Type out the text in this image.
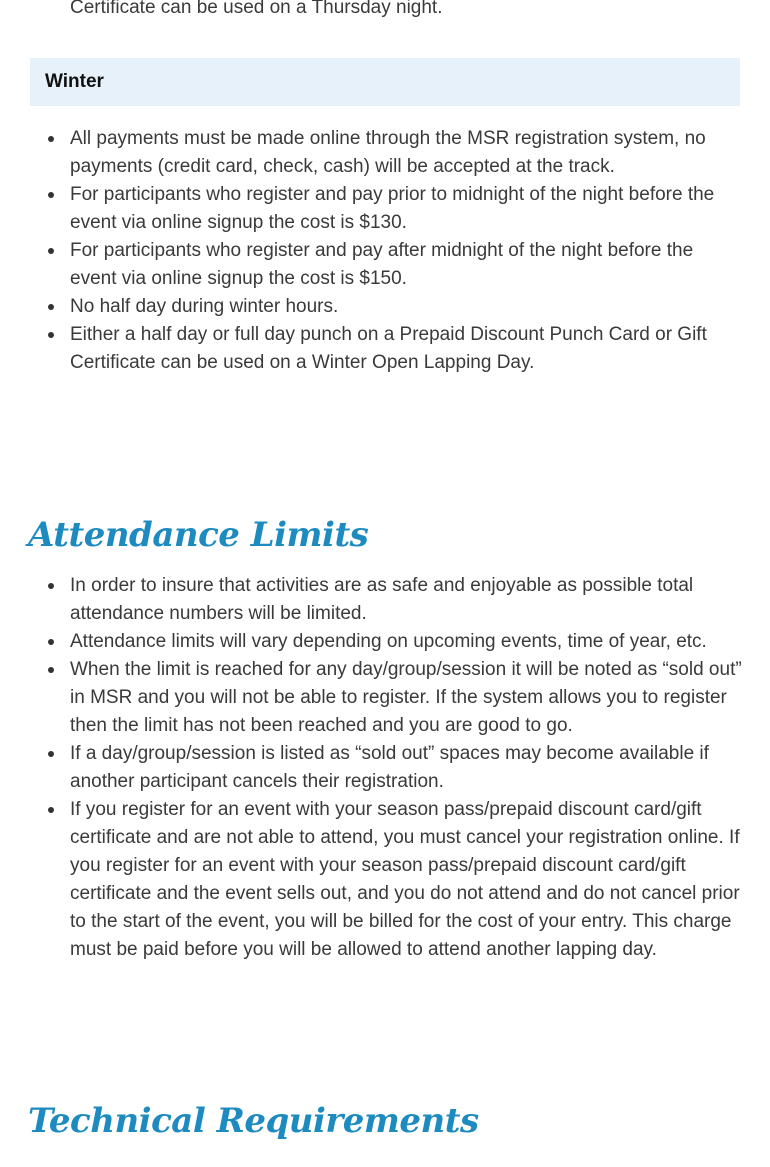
Certificate can be used on a Thursday night.

Winter
All payments must be made online through the MSR registration system, no payments (credit card, check, cash) will be accepted at the track.
For participants who register and pay prior to midnight of the night before the event via online signup the cost is $130.
For participants who register and pay after midnight of the night before the event via online signup the cost is $150.
No half day during winter hours.
Either a half day or full day punch on a Prepaid Discount Punch Card or Gift Certificate can be used on a Winter Open Lapping Day.
Attendance Limits
In order to insure that activities are as safe and enjoyable as possible total attendance numbers will be limited.
Attendance limits will vary depending on upcoming events, time of year, etc.
When the limit is reached for any day/group/session it will be noted as “sold out” in MSR and you will not be able to register. If the system allows you to register then the limit has not been reached and you are good to go.
If a day/group/session is listed as “sold out” spaces may become available if another participant cancels their registration.
If you register for an event with your season pass/prepaid discount card/gift certificate and are not able to attend, you must cancel your registration online. If you register for an event with your season pass/prepaid discount card/gift certificate and the event sells out, and you do not attend and do not cancel prior to the start of the event, you will be billed for the cost of your entry. This charge must be paid before you will be allowed to attend another lapping day.
Technical Requirements
